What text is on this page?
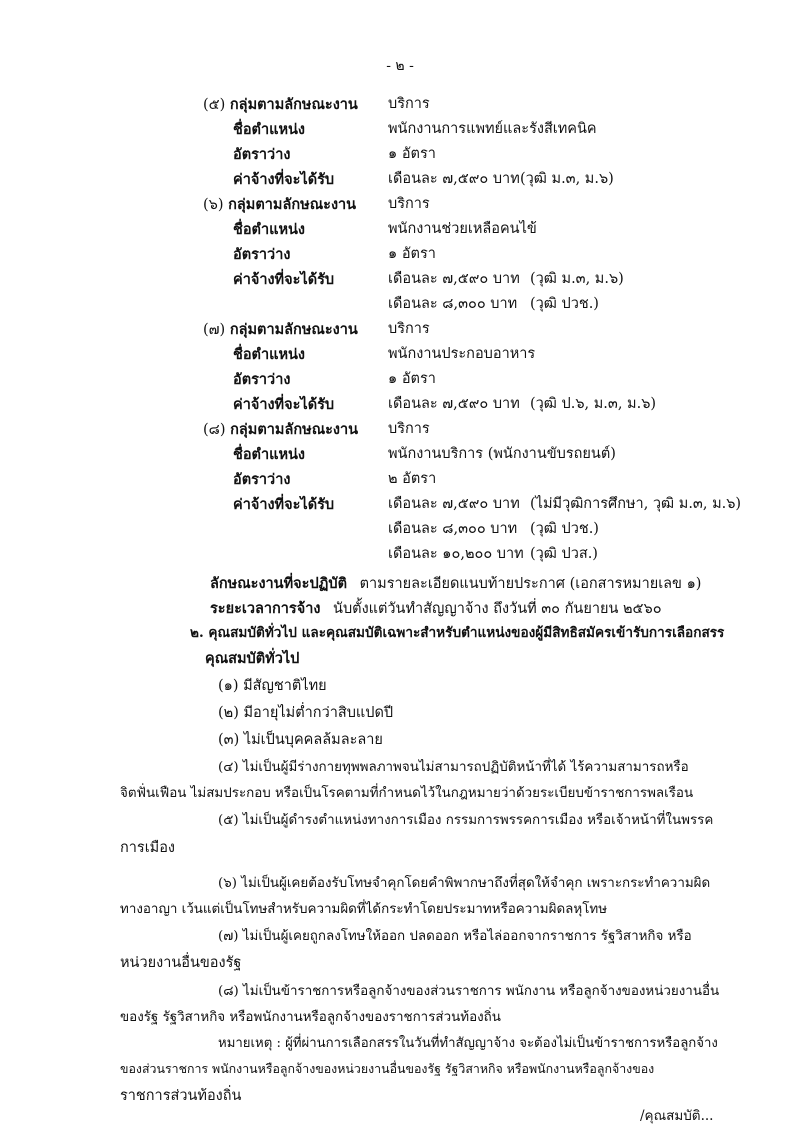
- ๒ -
(๕) กลุ่มตามลักษณะงาน บริการ
ชื่อตำแหน่ง	พนักงานการแพทย์และรังสีเทคนิค
อัตราว่าง	๑ อัตรา
ค่าจ้างที่จะได้รับ	เดือนละ ๗,๕๙๐ บาท (วุฒิ ม.๓, ม.๖)
(๖) กลุ่มตามลักษณะงาน บริการ
ชื่อตำแหน่ง	พนักงานช่วยเหลือคนไข้
อัตราว่าง	๑ อัตรา
ค่าจ้างที่จะได้รับ	เดือนละ ๗,๕๙๐ บาท (วุฒิ ม.๓, ม.๖)
เดือนละ ๘,๓๐๐ บาท (วุฒิ ปวช.)
(๗) กลุ่มตามลักษณะงาน บริการ
ชื่อตำแหน่ง	พนักงานประกอบอาหาร
อัตราว่าง	๑ อัตรา
ค่าจ้างที่จะได้รับ	เดือนละ ๗,๕๙๐ บาท (วุฒิ ป.๖, ม.๓, ม.๖)
(๘) กลุ่มตามลักษณะงาน บริการ
ชื่อตำแหน่ง	พนักงานบริการ (พนักงานขับรถยนต์)
อัตราว่าง	๒ อัตรา
ค่าจ้างที่จะได้รับ	เดือนละ ๗,๕๙๐ บาท (ไม่มีวุฒิการศึกษา, วุฒิ ม.๓, ม.๖)
เดือนละ ๘,๓๐๐ บาท (วุฒิ ปวช.)
เดือนละ ๑๐,๒๐๐ บาท (วุฒิ ปวส.)
ลักษณะงานที่จะปฏิบัติ ตามรายละเอียดแนบท้ายประกาศ (เอกสารหมายเลข ๑)
ระยะเวลาการจ้าง นับตั้งแต่วันทำสัญญาจ้าง ถึงวันที่ ๓๐ กันยายน ๒๕๖๐
๒. คุณสมบัติทั่วไป และคุณสมบัติเฉพาะสำหรับตำแหน่งของผู้มีสิทธิสมัครเข้ารับการเลือกสรร
คุณสมบัติทั่วไป
(๑) มีสัญชาติไทย
(๒) มีอายุไม่ต่ำกว่าสิบแปดปี
(๓) ไม่เป็นบุคคลล้มละลาย
(๔) ไม่เป็นผู้มีร่างกายทุพพลภาพจนไม่สามารถปฏิบัติหน้าที่ได้ ไร้ความสามารถหรือ
จิตฟั่นเฟือน ไม่สมประกอบ หรือเป็นโรคตามที่กำหนดไว้ในกฎหมายว่าด้วยระเบียบข้าราชการพลเรือน
(๕) ไม่เป็นผู้ดำรงตำแหน่งทางการเมือง กรรมการพรรคการเมือง หรือเจ้าหน้าที่ในพรรค
การเมือง
(๖) ไม่เป็นผู้เคยต้องรับโทษจำคุกโดยคำพิพากษาถึงที่สุดให้จำคุก เพราะกระทำความผิด
ทางอาญา เว้นแต่เป็นโทษสำหรับความผิดที่ได้กระทำโดยประมาทหรือความผิดลหุโทษ
(๗) ไม่เป็นผู้เคยถูกลงโทษให้ออก ปลดออก หรือไล่ออกจากราชการ รัฐวิสาหกิจ หรือ
หน่วยงานอื่นของรัฐ
(๘) ไม่เป็นข้าราชการหรือลูกจ้างของส่วนราชการ พนักงาน หรือลูกจ้างของหน่วยงานอื่น
ของรัฐ รัฐวิสาหกิจ หรือพนักงานหรือลูกจ้างของราชการส่วนท้องถิ่น
หมายเหตุ : ผู้ที่ผ่านการเลือกสรรในวันที่ทำสัญญาจ้าง จะต้องไม่เป็นข้าราชการหรือลูกจ้าง
ของส่วนราชการ พนักงานหรือลูกจ้างของหน่วยงานอื่นของรัฐ รัฐวิสาหกิจ หรือพนักงานหรือลูกจ้างของ
ราชการส่วนท้องถิ่น
/คุณสมบัติ...
